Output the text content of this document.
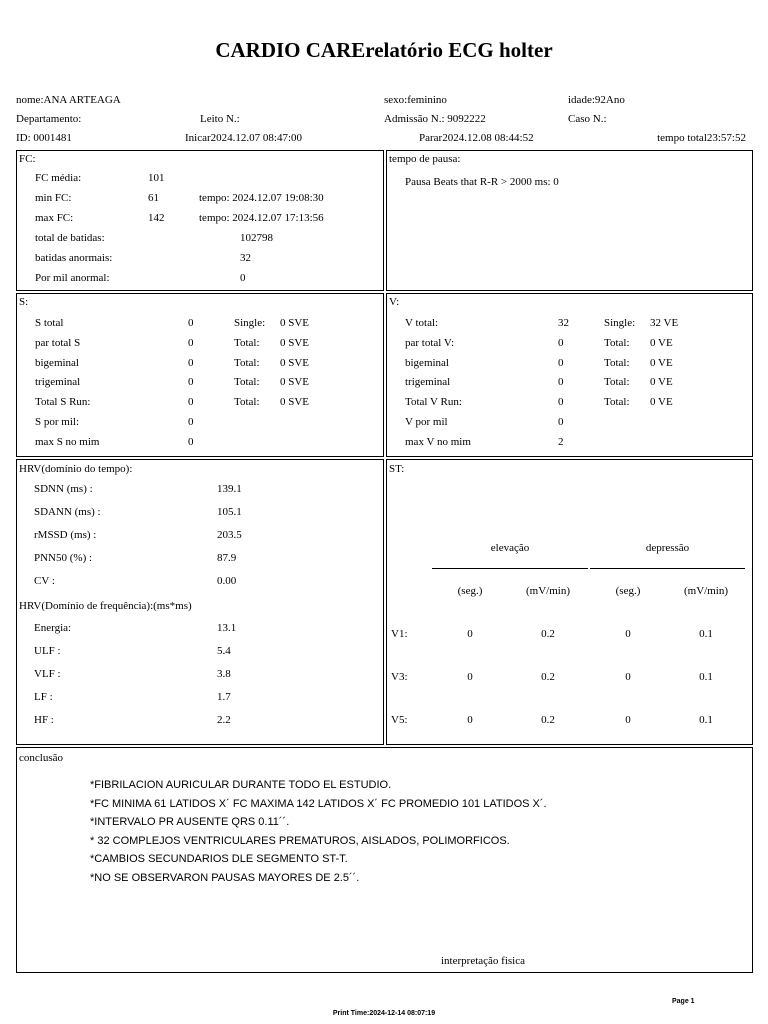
CARDIO CARErelatório ECG holter
nome:ANA ARTEAGA	sexo:feminino	idade:92Ano
Departamento:	Leito N.:	Admissão N.: 9092222	Caso N.:
ID: 0001481	Inicar2024.12.07 08:47:00	Parar2024.12.08 08:44:52	tempo total23:57:52
FC:
FC média:	101
min FC:	61	tempo: 2024.12.07 19:08:30
max FC:	142	tempo: 2024.12.07 17:13:56
total de batidas:	102798
batidas anormais:	32
Por mil anormal:	0
tempo de pausa:
Pausa Beats that R-R > 2000 ms: 0
S:	V:
HRV(domínio do tempo):
HRV(Domínio de frequência):(ms*ms)
ST:
elevação	depressão
(seg.)	(mV/min)	(seg.)	(mV/min)
conclusão
interpretação fisica
Page 1
Print Time:2024-12-14 08:07:19
S total	0	Single: 0 SVE
par total S	0	Total: 0 SVE
bigeminal	0	Total: 0 SVE
trigeminal	0	Total: 0 SVE
Total S Run:	0	Total: 0 SVE
S por mil:	0
max S no mim	0
V total:	32	Single: 32 VE
par total V:	0	Total: 0 VE
bigeminal	0	Total: 0 VE
trigeminal	0	Total: 0 VE
Total V Run:	0	Total: 0 VE
V por mil	0
max V no mim	2
SDNN (ms) :	139.1
SDANN (ms) :	105.1
rMSSD (ms) :	203.5
PNN50 (%) :	87.9
CV :	0.00
Energia:	13.1
ULF :	5.4
VLF :	3.8
LF :	1.7
HF :	2.2
V1:	0	0.2	0	0.1
V3:	0	0.2	0	0.1
V5:	0	0.2	0	0.1
*FIBRILACION AURICULAR DURANTE TODO EL ESTUDIO.
*FC MINIMA 61 LATIDOS X´ FC MAXIMA 142 LATIDOS X´ FC PROMEDIO 101 LATIDOS X´.
*INTERVALO PR AUSENTE QRS 0.11´´.
* 32 COMPLEJOS VENTRICULARES PREMATUROS, AISLADOS, POLIMORFICOS.
*CAMBIOS SECUNDARIOS DLE SEGMENTO ST-T.
*NO SE OBSERVARON PAUSAS MAYORES DE 2.5´´.
